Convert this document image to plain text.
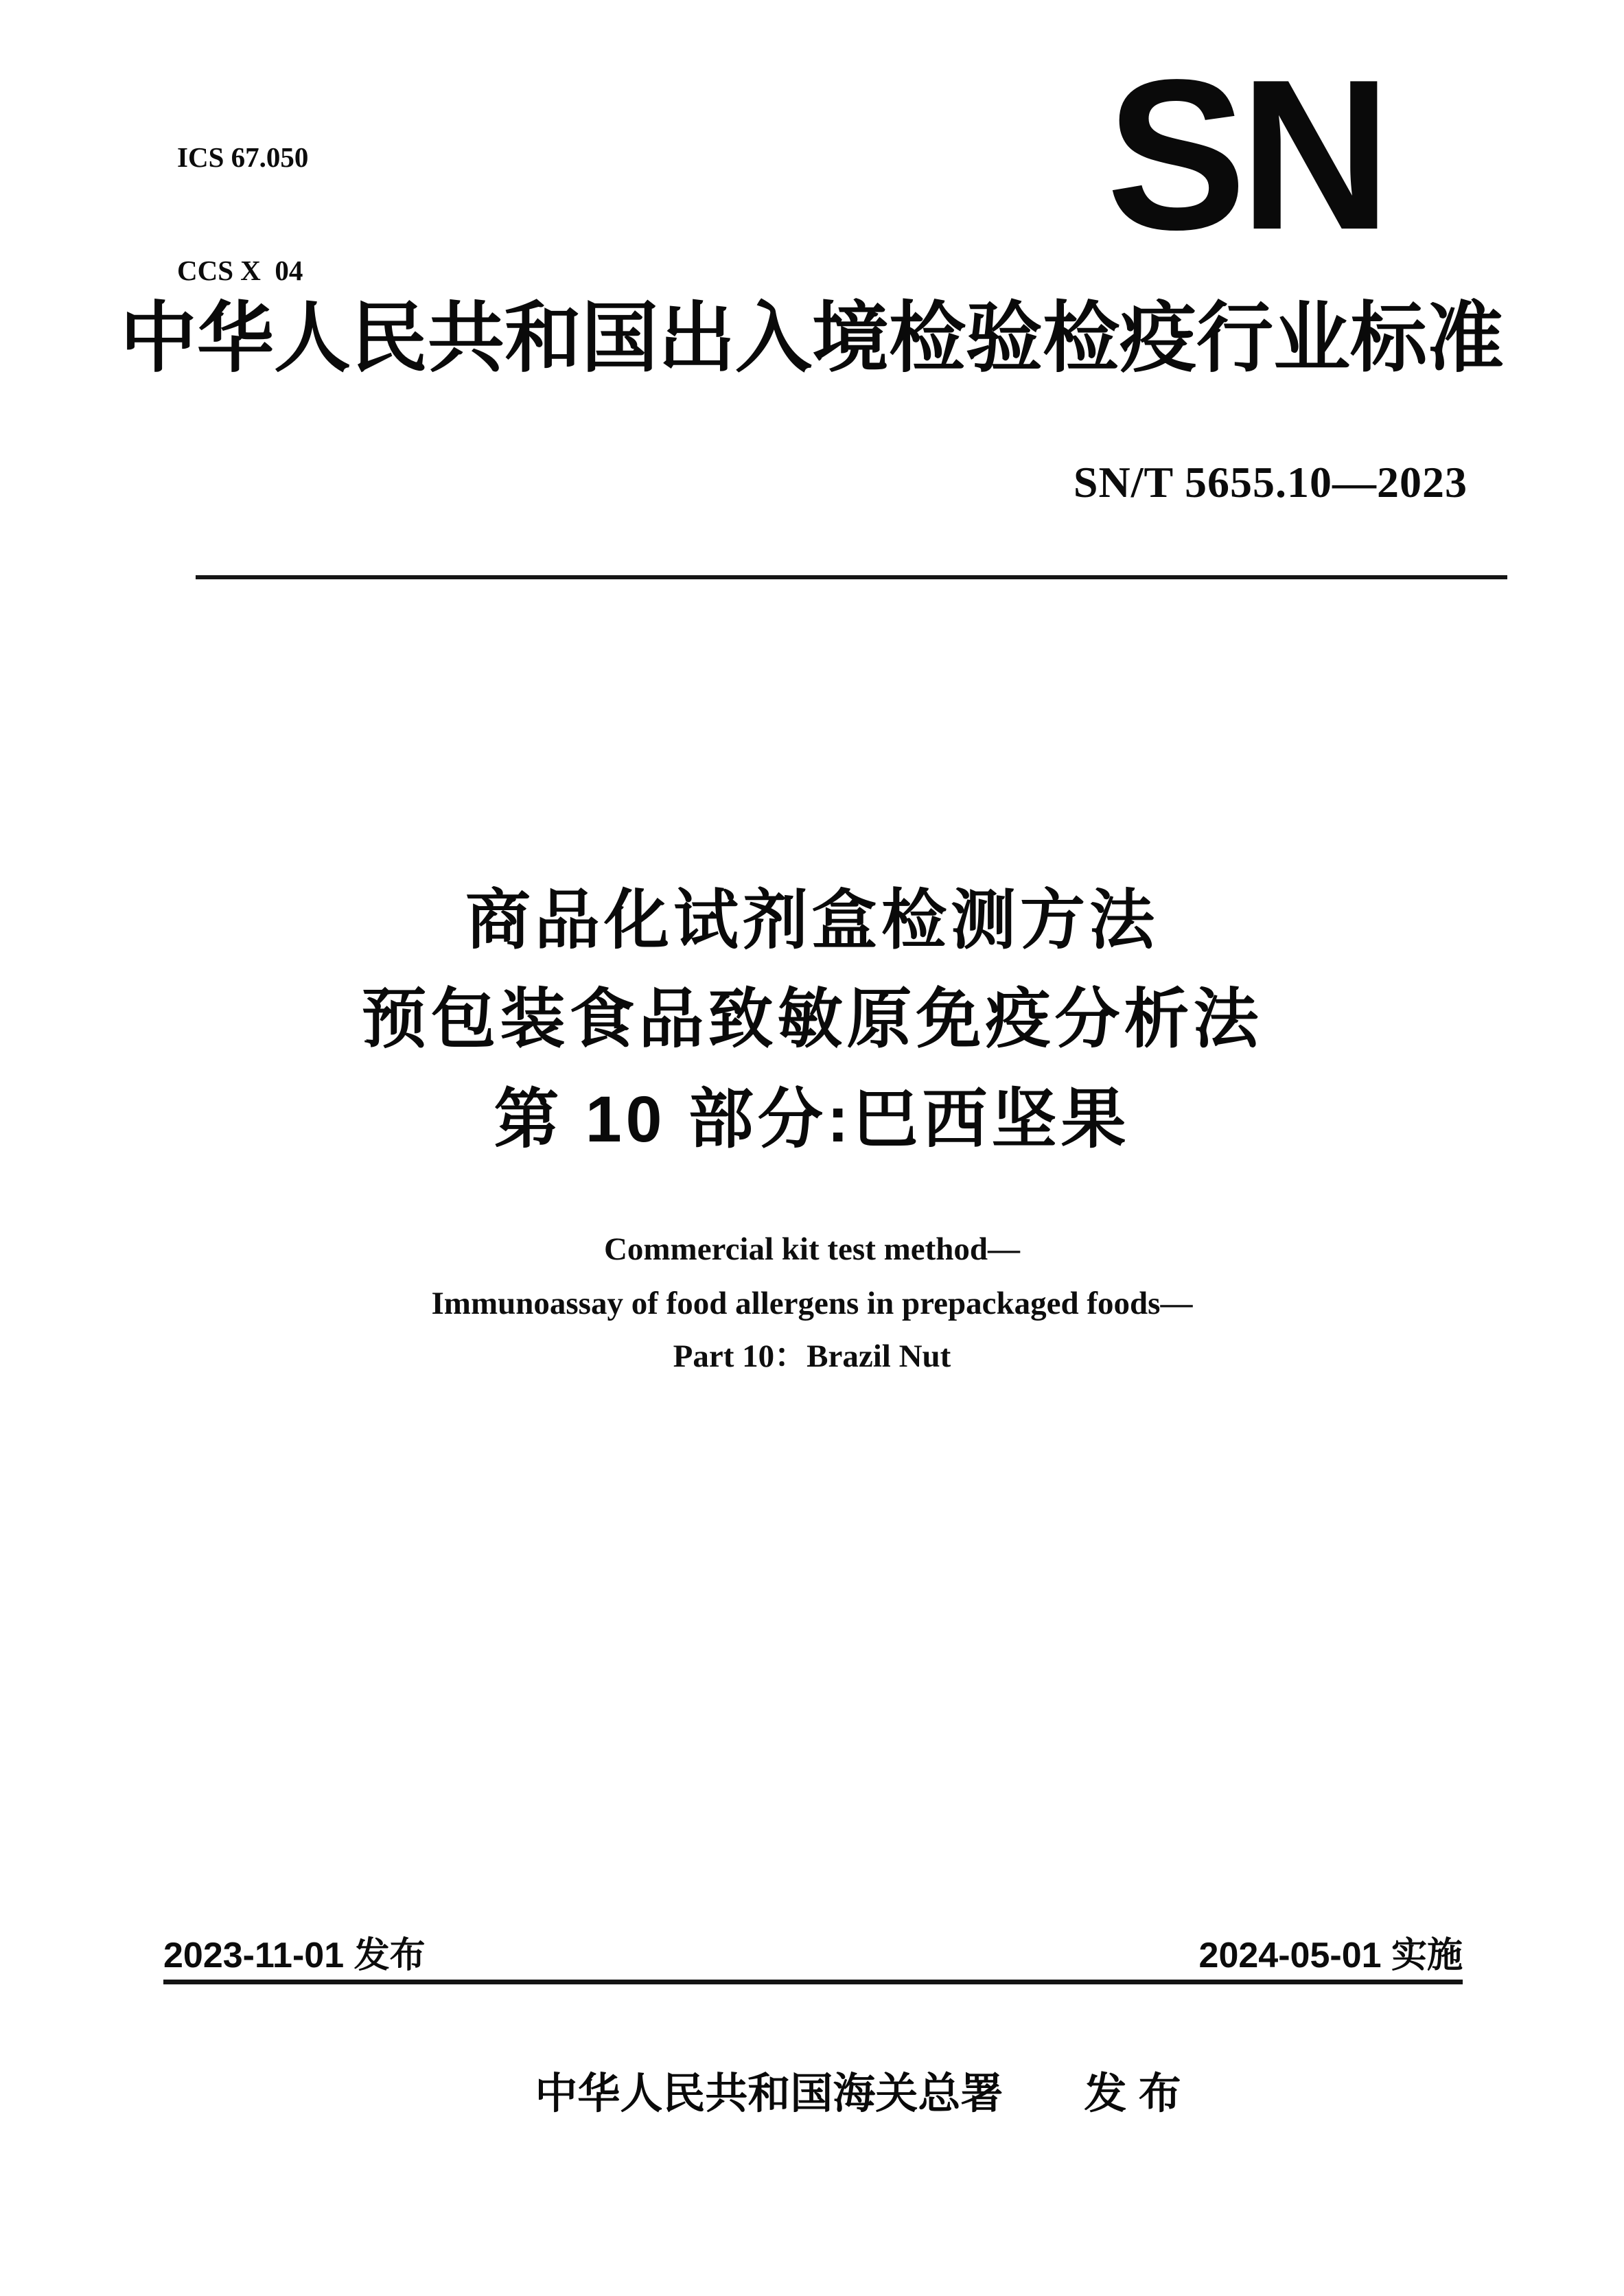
ICS 67.050

CCS X  04

	SN
中华人民共和国出入境检验检疫行业标准
SN/T 5655.10—2023
商品化试剂盒检测方法
预包装食品致敏原免疫分析法
第 10 部分:巴西坚果
Commercial kit test method—
Immunoassay of food allergens in prepackaged foods—
Part 10：Brazil Nut
2023-11-01 发布	2024-05-01 实施
中华人民共和国海关总署 发 布
